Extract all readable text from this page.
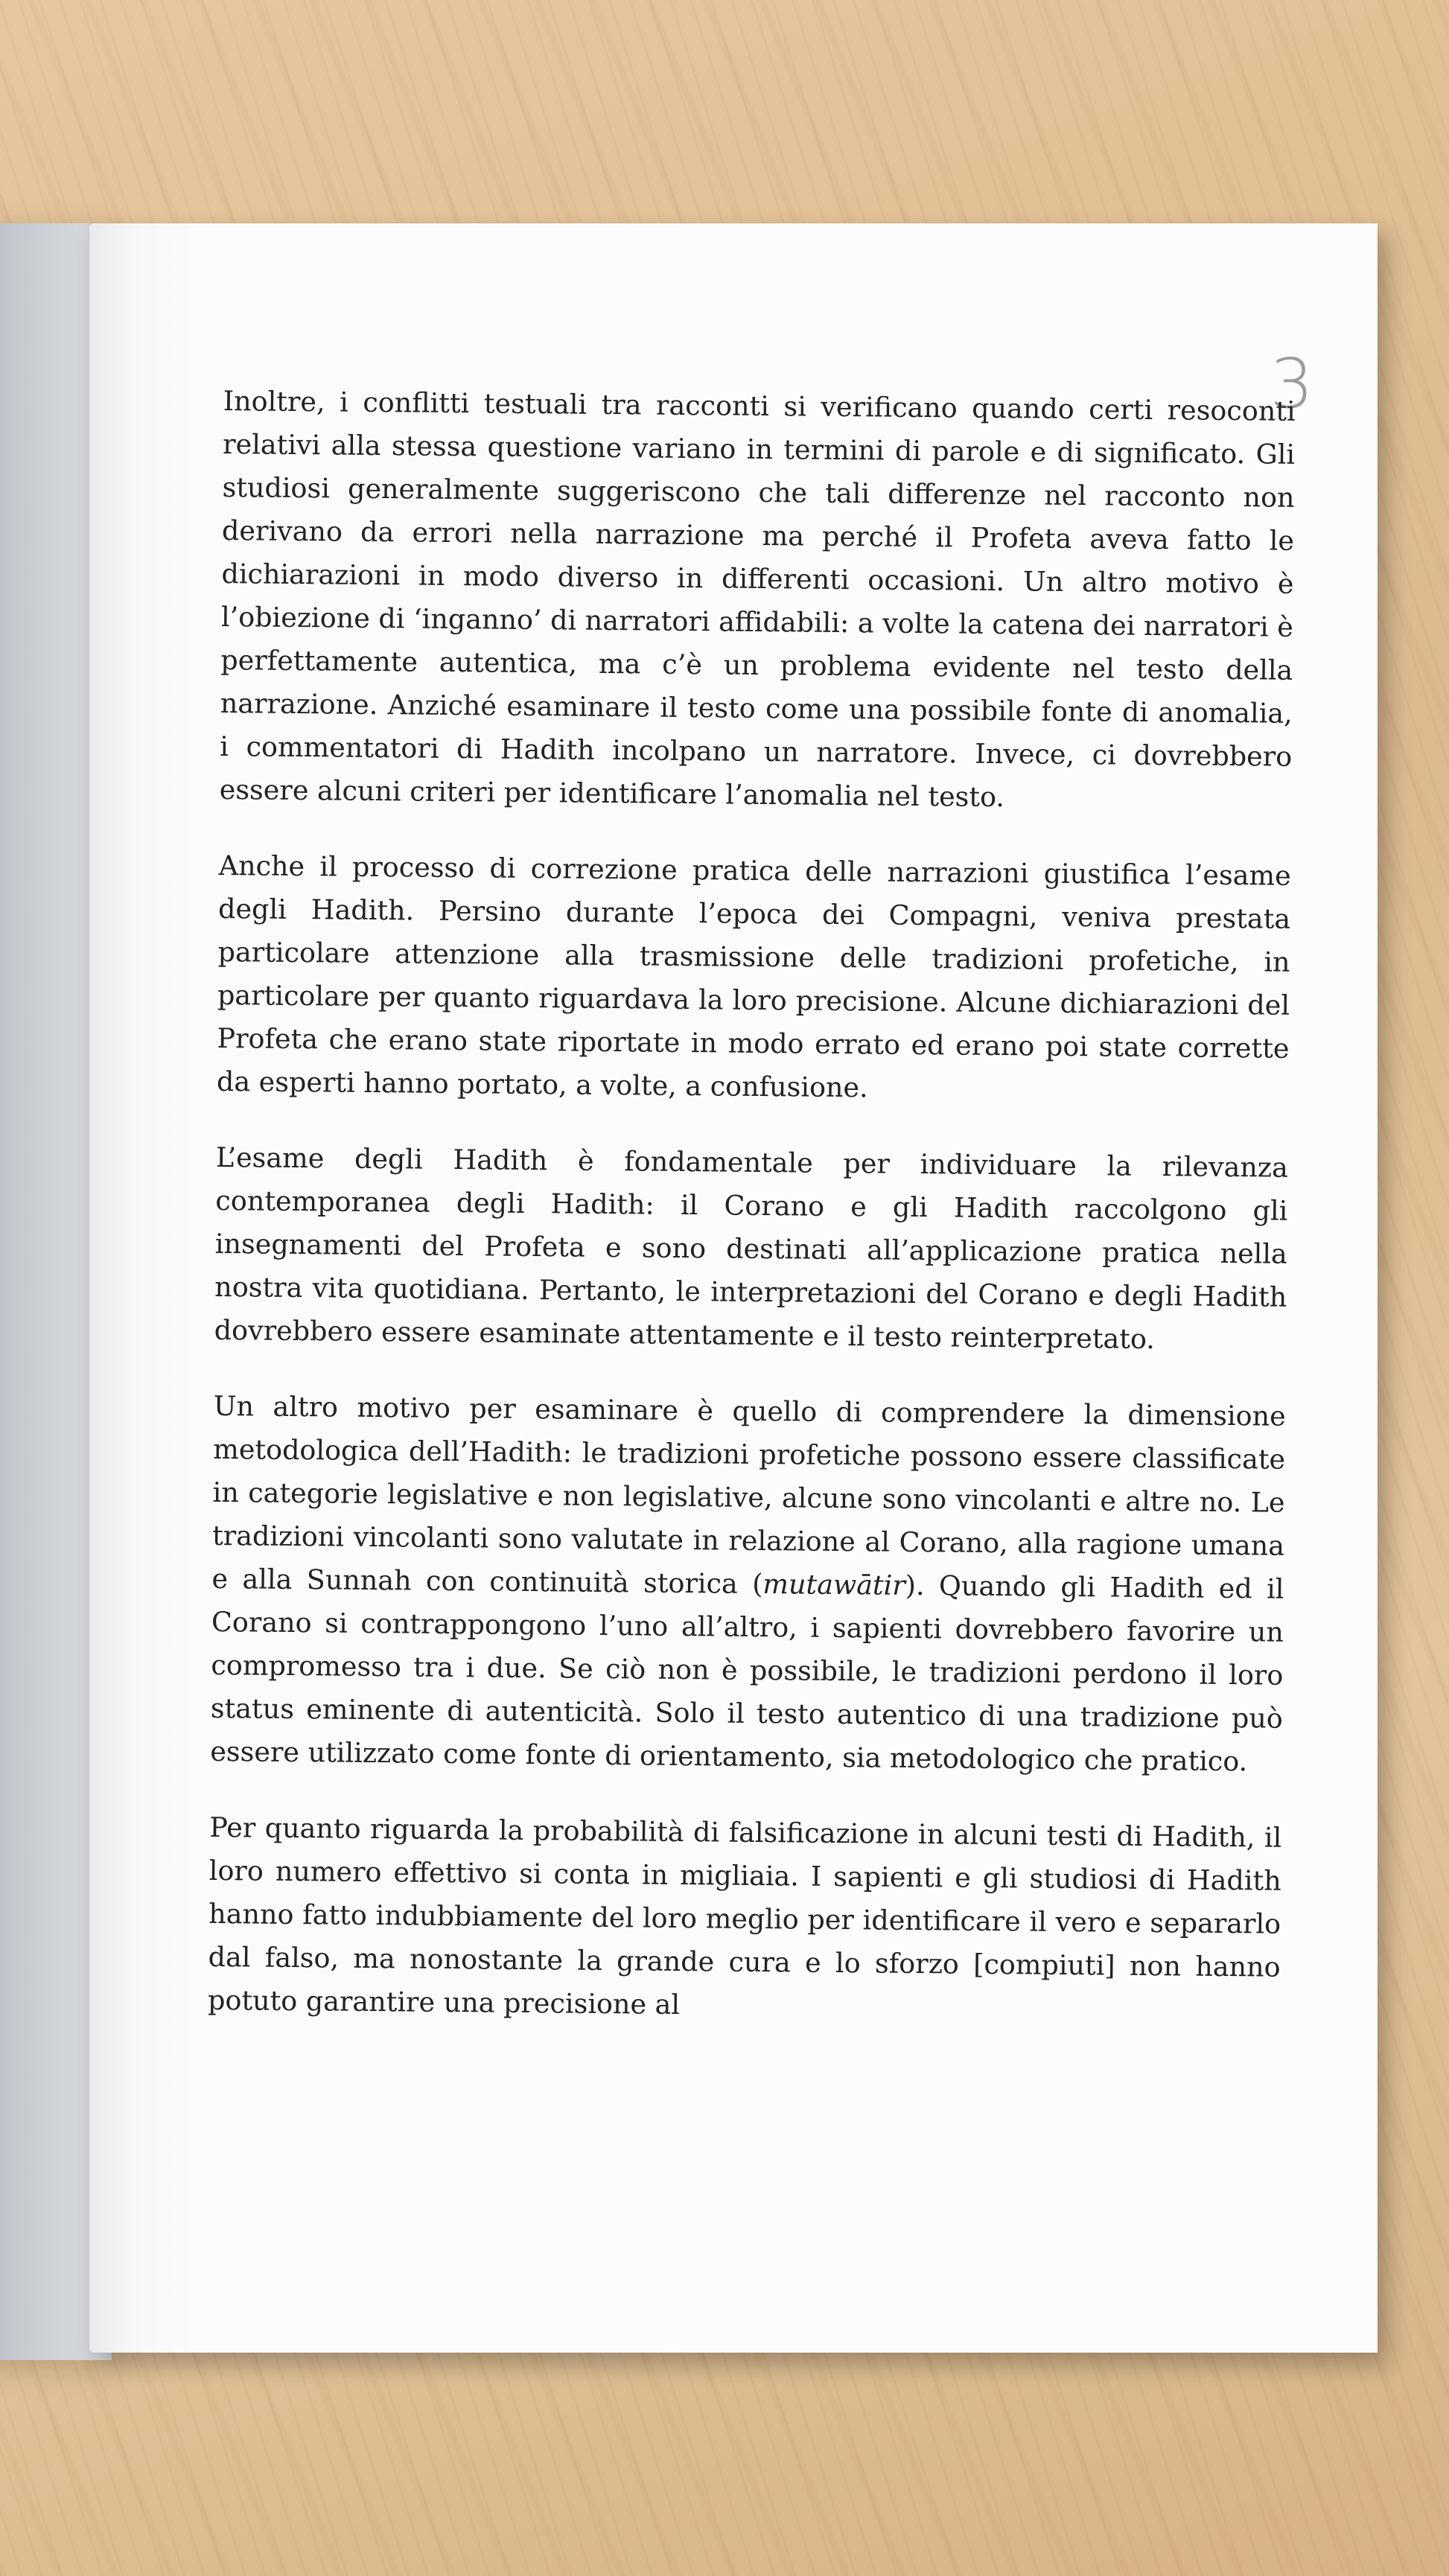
3

Inoltre, i conflitti testuali tra racconti si verificano quando certi resoconti relativi alla stessa questione variano in termini di parole e di significato. Gli studiosi generalmente suggeriscono che tali differenze nel racconto non derivano da errori nella narrazione ma perché il Profeta aveva fatto le dichiarazioni in modo diverso in differenti occasioni. Un altro motivo è l’obiezione di ‘inganno’ di narratori affidabili: a volte la catena dei narratori è perfettamente autentica, ma c’è un problema evidente nel testo della narrazione. Anziché esaminare il testo come una possibile fonte di anomalia, i commentatori di Hadith incolpano un narratore. Invece, ci dovrebbero essere alcuni criteri per identificare l’anomalia nel testo.

Anche il processo di correzione pratica delle narrazioni giustifica l’esame degli Hadith. Persino durante l’epoca dei Compagni, veniva prestata particolare attenzione alla trasmissione delle tradizioni profetiche, in particolare per quanto riguardava la loro precisione. Alcune dichiarazioni del Profeta che erano state riportate in modo errato ed erano poi state corrette da esperti hanno portato, a volte, a confusione.

L’esame degli Hadith è fondamentale per individuare la rilevanza contemporanea degli Hadith: il Corano e gli Hadith raccolgono gli insegnamenti del Profeta e sono destinati all’applicazione pratica nella nostra vita quotidiana. Pertanto, le interpretazioni del Corano e degli Hadith dovrebbero essere esaminate attentamente e il testo reinterpretato.

Un altro motivo per esaminare è quello di comprendere la dimensione metodologica dell’Hadith: le tradizioni profetiche possono essere classificate in categorie legislative e non legislative, alcune sono vincolanti e altre no. Le tradizioni vincolanti sono valutate in relazione al Corano, alla ragione umana e alla Sunnah con continuità storica (mutawātir). Quando gli Hadith ed il Corano si contrappongono l’uno all’altro, i sapienti dovrebbero favorire un compromesso tra i due. Se ciò non è possibile, le tradizioni perdono il loro status eminente di autenticità. Solo il testo autentico di una tradizione può essere utilizzato come fonte di orientamento, sia metodologico che pratico.

Per quanto riguarda la probabilità di falsificazione in alcuni testi di Hadith, il loro numero effettivo si conta in migliaia. I sapienti e gli studiosi di Hadith hanno fatto indubbiamente del loro meglio per identificare il vero e separarlo dal falso, ma nonostante la grande cura e lo sforzo [compiuti] non hanno potuto garantire una precisione al
